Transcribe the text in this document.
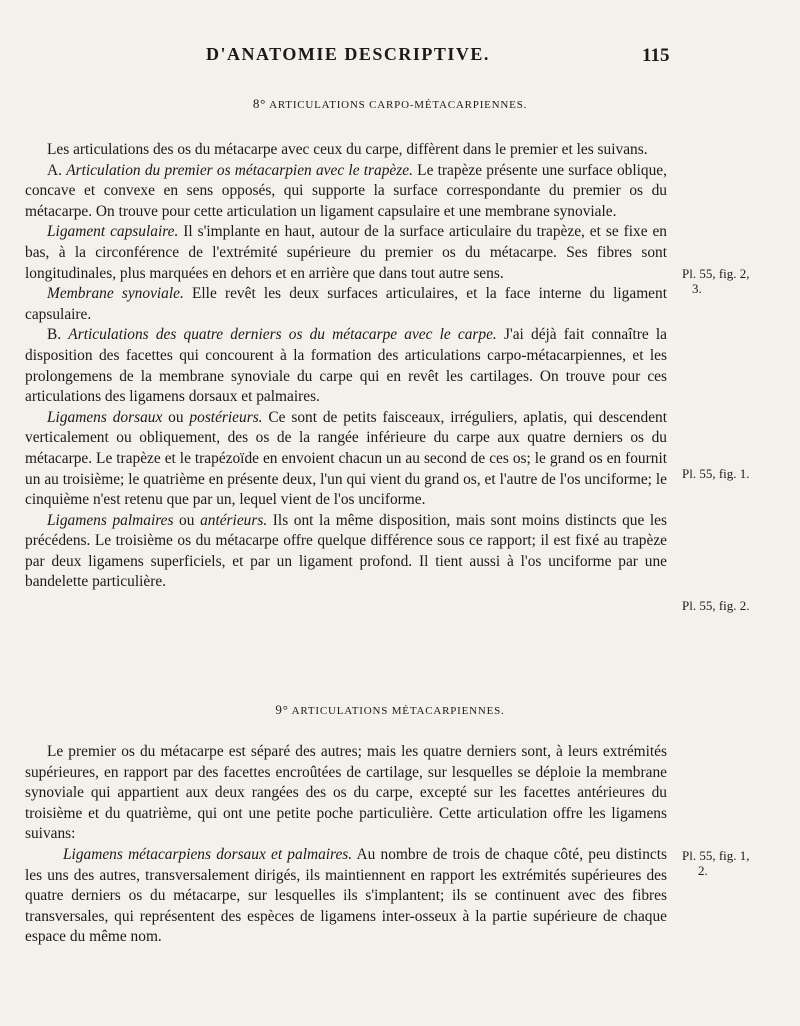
D'ANATOMIE DESCRIPTIVE.	115
8° ARTICULATIONS CARPO-MÉTACARPIENNES.

Les articulations des os du métacarpe avec ceux du carpe, diffèrent dans le premier et les suivans.

A. Articulation du premier os métacarpien avec le trapèze. Le trapèze présente une surface oblique, concave et convexe en sens opposés, qui supporte la surface correspondante du premier os du métacarpe. On trouve pour cette articulation un ligament capsulaire et une membrane synoviale.

Ligament capsulaire. Il s'implante en haut, autour de la surface articulaire du trapèze, et se fixe en bas, à la circonférence de l'extrémité supérieure du premier os du métacarpe. Ses fibres sont longitudinales, plus marquées en dehors et en arrière que dans tout autre sens.

Membrane synoviale. Elle revêt les deux surfaces articulaires, et la face interne du ligament capsulaire.

B. Articulations des quatre derniers os du métacarpe avec le carpe. J'ai déjà fait connaître la disposition des facettes qui concourent à la formation des articulations carpo-métacarpiennes, et les prolongemens de la membrane synoviale du carpe qui en revêt les cartilages. On trouve pour ces articulations des ligamens dorsaux et palmaires.

Ligamens dorsaux ou postérieurs. Ce sont de petits faisceaux, irréguliers, aplatis, qui descendent verticalement ou obliquement, des os de la rangée inférieure du carpe aux quatre derniers os du métacarpe. Le trapèze et le trapézoïde en envoient chacun un au second de ces os; le grand os en fournit un au troisième; le quatrième en présente deux, l'un qui vient du grand os, et l'autre de l'os unciforme; le cinquième n'est retenu que par un, lequel vient de l'os unciforme.

Ligamens palmaires ou antérieurs. Ils ont la même disposition, mais sont moins distincts que les précédens. Le troisième os du métacarpe offre quelque différence sous ce rapport; il est fixé au trapèze par deux ligamens superficiels, et par un ligament profond. Il tient aussi à l'os unciforme par une bandelette particulière.

9° ARTICULATIONS MÉTACARPIENNES.

Le premier os du métacarpe est séparé des autres; mais les quatre derniers sont, à leurs extrémités supérieures, en rapport par des facettes encroûtées de cartilage, sur lesquelles se déploie la membrane synoviale qui appartient aux deux rangées des os du carpe, excepté sur les facettes antérieures du troisième et du quatrième, qui ont une petite poche particulière. Cette articulation offre les ligamens suivans:

Ligamens métacarpiens dorsaux et palmaires. Au nombre de trois de chaque côté, peu distincts les uns des autres, transversalement dirigés, ils maintiennent en rapport les extrémités supérieures des quatre derniers os du métacarpe, sur lesquelles ils s'implantent; ils se continuent avec des fibres transversales, qui représentent des espèces de ligamens inter-osseux à la partie supérieure de chaque espace du même nom.

Pl. 55, fig. 2,
3.
Pl. 55, fig. 1.
Pl. 55, fig. 2.
Pl. 55, fig. 1,
2.
